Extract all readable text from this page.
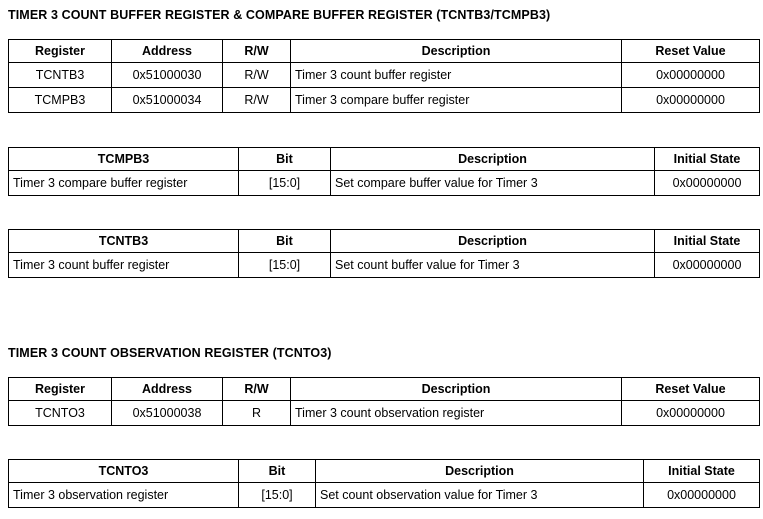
TIMER 3 COUNT BUFFER REGISTER & COMPARE BUFFER REGISTER (TCNTB3/TCMPB3)
Register	Address	R/W	Description	Reset Value
TCNTB3	0x51000030	R/W	Timer 3 count buffer register	0x00000000
TCMPB3	0x51000034	R/W	Timer 3 compare buffer register	0x00000000
TCMPB3	Bit	Description	Initial State
Timer 3 compare buffer register	[15:0]	Set compare buffer value for Timer 3	0x00000000
TCNTB3	Bit	Description	Initial State
Timer 3 count buffer register	[15:0]	Set count buffer value for Timer 3	0x00000000
TIMER 3 COUNT OBSERVATION REGISTER (TCNTO3)
Register	Address	R/W	Description	Reset Value
TCNTO3	0x51000038	R	Timer 3 count observation register	0x00000000
TCNTO3	Bit	Description	Initial State
Timer 3 observation register	[15:0]	Set count observation value for Timer 3	0x00000000
